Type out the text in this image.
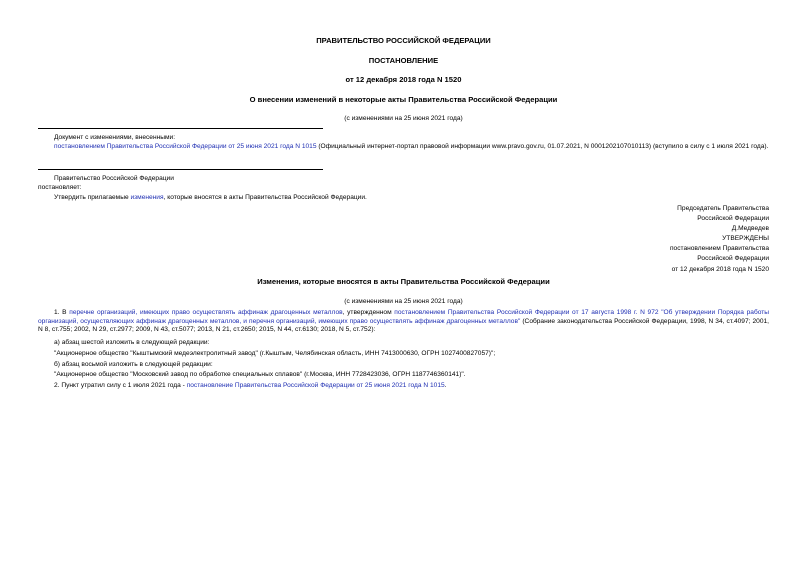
ПРАВИТЕЛЬСТВО РОССИЙСКОЙ ФЕДЕРАЦИИ
ПОСТАНОВЛЕНИЕ
от 12 декабря 2018 года N 1520
О внесении изменений в некоторые акты Правительства Российской Федерации
(с изменениями на 25 июня 2021 года)
Документ с изменениями, внесенными:
постановлением Правительства Российской Федерации от 25 июня 2021 года N 1015 (Официальный интернет-портал правовой информации www.pravo.gov.ru, 01.07.2021, N 0001202107010113) (вступило в силу с 1 июля 2021 года).
Правительство Российской Федерации
постановляет:
Утвердить прилагаемые изменения, которые вносятся в акты Правительства Российской Федерации.
Председатель Правительства
Российской Федерации
Д.Медведев
УТВЕРЖДЕНЫ
постановлением Правительства
Российской Федерации
от 12 декабря 2018 года N 1520
Изменения, которые вносятся в акты Правительства Российской Федерации
(с изменениями на 25 июня 2021 года)
1. В перечне организаций, имеющих право осуществлять аффинаж драгоценных металлов, утвержденном постановлением Правительства Российской Федерации от 17 августа 1998 г. N 972 "Об утверждении Порядка работы организаций, осуществляющих аффинаж драгоценных металлов, и перечня организаций, имеющих право осуществлять аффинаж драгоценных металлов" (Собрание законодательства Российской Федерации, 1998, N 34, ст.4097; 2001, N 8, ст.755; 2002, N 29, ст.2977; 2009, N 43, ст.5077; 2013, N 21, ст.2650; 2015, N 44, ст.6130; 2018, N 5, ст.752):
а) абзац шестой изложить в следующей редакции:
"Акционерное общество "Кыштымский медеэлектролитный завод" (г.Кыштым, Челябинская область, ИНН 7413000630, ОГРН 1027400827057)";
б) абзац восьмой изложить в следующей редакции:
"Акционерное общество "Московский завод по обработке специальных сплавов" (г.Москва, ИНН 7728423036, ОГРН 1187746360141)".
2. Пункт утратил силу с 1 июля 2021 года - постановление Правительства Российской Федерации от 25 июня 2021 года N 1015.
